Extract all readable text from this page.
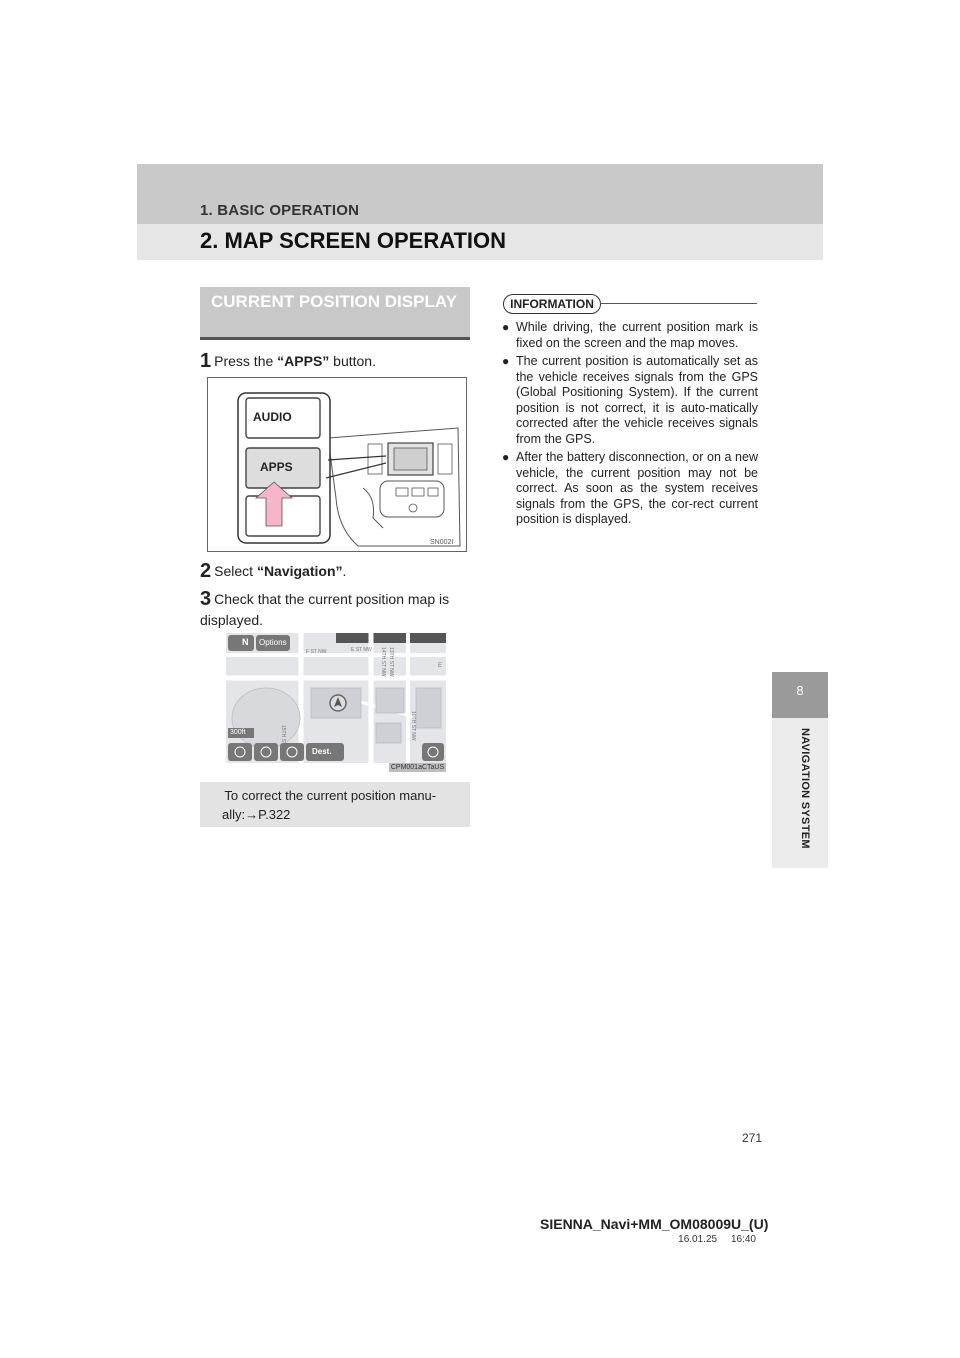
1. BASIC OPERATION
2. MAP SCREEN OPERATION
8
NAVIGATION SYSTEM
CURRENT POSITION DISPLAY
1 Press the “APPS” button.
AUDIO
APPS
SN002I
2 Select “Navigation”.
3 Check that the current position map is displayed.
N Options
300ft
Dest.
F ST NW	E ST NW
15TH ST NW
14TH ST NW 13TH ST NW
10TH ST NW
E
CPM001aCTaUS
 To correct the current position manu-
ally:→P.322
INFORMATION
● While driving, the current position mark is fixed on the screen and the map moves.
● The current position is automatically set as the vehicle receives signals from the GPS (Global Positioning System). If the current position is not correct, it is auto-matically corrected after the vehicle receives signals from the GPS.
● After the battery disconnection, or on a new vehicle, the current position may not be correct. As soon as the system receives signals from the GPS, the cor-rect current position is displayed.
271
SIENNA_Navi+MM_OM08009U_(U)
16.01.25     16:40
